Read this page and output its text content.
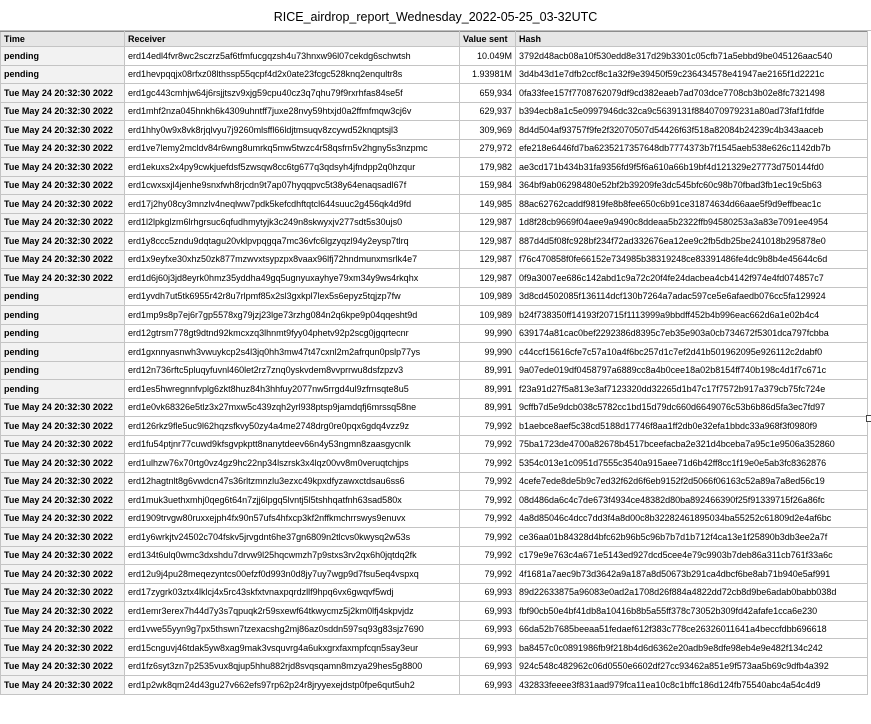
RICE_airdrop_report_Wednesday_2022-05-25_03-32UTC
Time	Receiver	Value sent	Hash
pending	erd14edl4fvr8wc2sczrz5af6tfmfucgqzsh4u73hnxw96l07cekdg6schwtsh	10.049M	3792d48acb08a10f530edd8e317d29b3301c05cfb71a5ebbd9be045126aac540
pending	erd1hevpqqjx08rfxz08lthssp55qcpf4d2x0ate23fcgc528knq2enqultr8s	1.93981M	3d4b43d1e7dfb2ccf8c1a32f9e39450f59c236434578e41947ae2165f1d2221c
Tue May 24 20:32:30 2022	erd1gc443cmhjw64j6rsjjtszv9xjg59cpu40cz3q7qhu79f9rxrhfas84se5f	659,934	0fa33fee157f7708762079df9cd382eaeb7ad703dce7708cb3b02e8fc7321498
Tue May 24 20:32:30 2022	erd1mhf2nza045hnkh6k4309uhntff7juxe28nvy59htxjd0a2ffmfmqw3cj6v	629,937	b394ecb8a1c5e0997946dc32ca9c5639131f884070979231a80ad73faf1fdfde
Tue May 24 20:32:30 2022	erd1hhy0w9x8vk8rjqlvyu7j9260mlsffl66ldjtmsuqv8zcywd52knqptsjl3	309,969	8d4d504af93757f9fe2f32070507d54426f63f518a82084b24239c4b343aaceb
Tue May 24 20:32:30 2022	erd1ve7lemy2mcldv84r6wng8umrkq5mw5twzc4r58qsfrn5v2hgny5s3nzpmc	279,972	efe218e6446fd7ba6235217357648db7774373b7f1545aeb538e626c1142db7b
Tue May 24 20:32:30 2022	erd1ekuxs2x4py9cwkjuefdsf5zwsqw8cc6tg677q3qdsyh4jfndpp2q0hzqur	179,982	ae3cd171b434b31fa9356fd9f5f6a610a66b19bf4d121329e27773d750144fd0
Tue May 24 20:32:30 2022	erd1cwxsxjl4jenhe9snxfwh8rjcdn9t7ap07hyqqpvc5t38y64enaqsadl67f	159,984	364bf9ab06298480e52bf2b39209fe3dc545bfc60c98b70fbad3fb1ec19c5b63
Tue May 24 20:32:30 2022	erd17j2hy08cy3mnzlv4neqlww7pdk5kefcdhftqtcl644suuc2g456qk4d9fd	149,985	88ac62762caddf9819fe8b8fee650c6b91ce31874634d66aae5f9d9effbeac1c
Tue May 24 20:32:30 2022	erd1l2lpkglzm6lrhgrsuc6qfudhmytyjk3c249n8skwyxjv277sdt5s30ujs0	129,987	1d8f28cb9669f04aee9a9490c8ddeaa5b2322ffb94580253a3a83e7091ee4954
Tue May 24 20:32:30 2022	erd1y8ccc5zndu9dqtagu20vklpvpqgqa7mc36vfc6lgzyqzl94y2eysp7tlrq	129,987	887d4d5f08fc928bf234f72ad332676ea12ee9c2fb5db25be241018b295878e0
Tue May 24 20:32:30 2022	erd1x9eyfxe30xhz50zk877mzwvxtsypzpx8vaax96lfj72hndmunxmsrlk4e7	129,987	f76c470858f0fe66152e734985b38319248ce83391486fe4dc9b8b4e45644c6d
Tue May 24 20:32:30 2022	erd1d6j60j3jd8eyrk0hmz35yddha49gq5ugnyuxayhye79xm34y9ws4rkqhx	129,987	0f9a3007ee686c142abd1c9a72c20f4fe24dacbea4cb4142f974e4fd074857c7
pending	erd1yvdh7ut5tk6955r42r8u7rlpmf85x2sl3gxkpl7lex5s6epyz5tqjzp7fw	109,989	3d8cd4502085f136114dcf130b7264a7adac597ce5e6afaedb076cc5fa129924
pending	erd1mp9s8p7ej6r7gp5578xg79jzj23lge73rzhg084n2q6kpe9p04qqesht9d	109,989	b24f738350ff14193f20715f1113999a9bbdff452b4b996eac662d6a1e02b4c4
pending	erd12gtrsm778gt9dtnd92kmcxzq3lhnmt9fyy04phetv92p2scg0jgqrtecnr	99,990	639174a81cac0bef2292386d8395c7eb35e903a0cb734672f5301dca797fcbba
pending	erd1gxnnyasnwh3vwuykcp2s4l3jq0hh3mw47t47cxnl2m2afrqun0pslp77ys	99,990	c44ccf15616cfe7c57a10a4f6bc257d1c7ef2d41b501962095e926112c2dabf0
pending	erd12n736rftc5pluqyfuvnl460let2rz7znq0yskvdem8vvprrwu8dsfzpzv3	89,991	9a07ede019df0458797a6889cc8a4b0cee18a02b8154ff740b198c4d1f7c671c
pending	erd1es5hwregnnfvplg6zkt8huz84h3hhfuy2077nw5rrgd4ul9zfrnsqte8u5	89,991	f23a91d27f5a813e3af7123320dd32265d1b47c17f7572b917a379cb75fc724e
Tue May 24 20:32:30 2022	erd1e0vk68326e5tlz3x27mxw5c439zqh2yrl938ptsp9jamdqfj6mrssq58ne	89,991	9cffb7d5e9dcb038c5782cc1bd15d79dc660d6649076c53b6b86d5fa3ec7fd97
Tue May 24 20:32:30 2022	erd126rkz9fle5uc9l62hqzsfkvy50zy4a4me2748drg0re0pqx6gdq4vzz9z	79,992	b1aebce8aef5c38cd5188d17746f8aa1ff2db0e32efa1bbdc33a968f3f0980f9
Tue May 24 20:32:30 2022	erd1fu54ptjnr77cuwd9kfsgvpkptt8nanytdeev66n4y53ngmn8zaasgycnlk	79,992	75ba1723de4700a82678b4517bceefacba2e321d4bceba7a95c1e9506a352860
Tue May 24 20:32:30 2022	erd1ulhzw76x70rtg0vz4gz9hc22np34lszrsk3x4lqz00vv8m0veruqtchjps	79,992	5354c013e1c0951d7555c3540a915aee71d6b42ff8cc1f19e0e5ab3fc8362876
Tue May 24 20:32:30 2022	erd12hagtnlt8g6vwdcn47s36rltzmnzlu3ezxc49kpxdfyzawxctdsau6ss6	79,992	4cefe7ede8de5b9c7ed32f62d6f6eb9152f2d5066f06163c52a89a7a8ed56c19
Tue May 24 20:32:30 2022	erd1muk3uethxmhj0qeg6t64n7zjj6lpgq5lvntj5l5tshhqatfnh63sad580x	79,992	08d486da6c4c7de673f4934ce48382d80ba892466390f25f91339715f26a86fc
Tue May 24 20:32:30 2022	erd1909trvgw80ruxxejph4fx90n57ufs4hfxcp3kf2nffkmchrrswys9enuvx	79,992	4a8d85046c4dcc7dd3f4a8d00c8b32282461895034ba55252c61809d2e4af6bc
Tue May 24 20:32:30 2022	erd1y6wrkjtv24502c704fskv5jrvgdnt6he37gn6809n2tlcvs0kwysq2w53s	79,992	ce36aa01b84328d4bfc62b96b5c96b7b7d1b712f4ca13e1f25890b3db3ee2a7f
Tue May 24 20:32:30 2022	erd134t6ulq0wmc3dxshdu7drvw9l25hqcwmzh7p9stxs3rv2qx6h0jqtdq2fk	79,992	c179e9e763c4a671e5143ed927dcd5cee4e79c9903b7deb86a311cb761f33a6c
Tue May 24 20:32:30 2022	erd12u9j4pu28meqezyntcs00efzf0d993n0d8jy7uy7wgp9d7fsu5eq4vspxq	79,992	4f1681a7aec9b73d3642a9a187a8d50673b291ca4dbcf6be8ab71b940e5af991
Tue May 24 20:32:30 2022	erd17zygrk03ztx4lklcj4x5rc43skfxtvnaxpqrdzllf9hpq6vx6gwqvf5wdj	69,993	89d22633875a96083e0ad2a1708d26f884a4822dd72cb8d9be6adab0babb038d
Tue May 24 20:32:30 2022	erd1emr3erex7h44d7y3s7qpuqk2r59sxewf64tkwycmz5j2km0lfj4skpvjdz	69,993	fbf90cb50e4bf41db8a10416b8b5a55ff378c73052b309fd42afafe1cca6e230
Tue May 24 20:32:30 2022	erd1vwe55yyn9g7px5thswn7tzexacshg2mj86az0sddn597sq93g83sjz7690	69,993	66da52b7685beeaa51fedaef612f383c778ce26326011641a4beccfdbb696618
Tue May 24 20:32:30 2022	erd15cnguvj46tdak5yw8xag9mak3vsquvrg4a6ukxgrxfaxmpfcqn5say3eur	69,993	ba8457c0c0891986fb9f218b4d6d6362e20adb9e8dfe98eb4e9e482f134c242
Tue May 24 20:32:30 2022	erd1fz6syt3zn7p2535vux8qjup5hhu882rjd8svqsqamn8mzya29hes5g8800	69,993	924c548c482962c06d0550e6602df27cc93462a851e9f573aa5b69c9dfb4a392
Tue May 24 20:32:30 2022	erd1p2wk8qm24d43gu27v662efs97rp62p24r8jryyexejdstp0fpe6qut5uh2	69,993	432833feeee3f831aad979fca11ea10c8c1bffc186d124fb75540abc4a54c4d9
